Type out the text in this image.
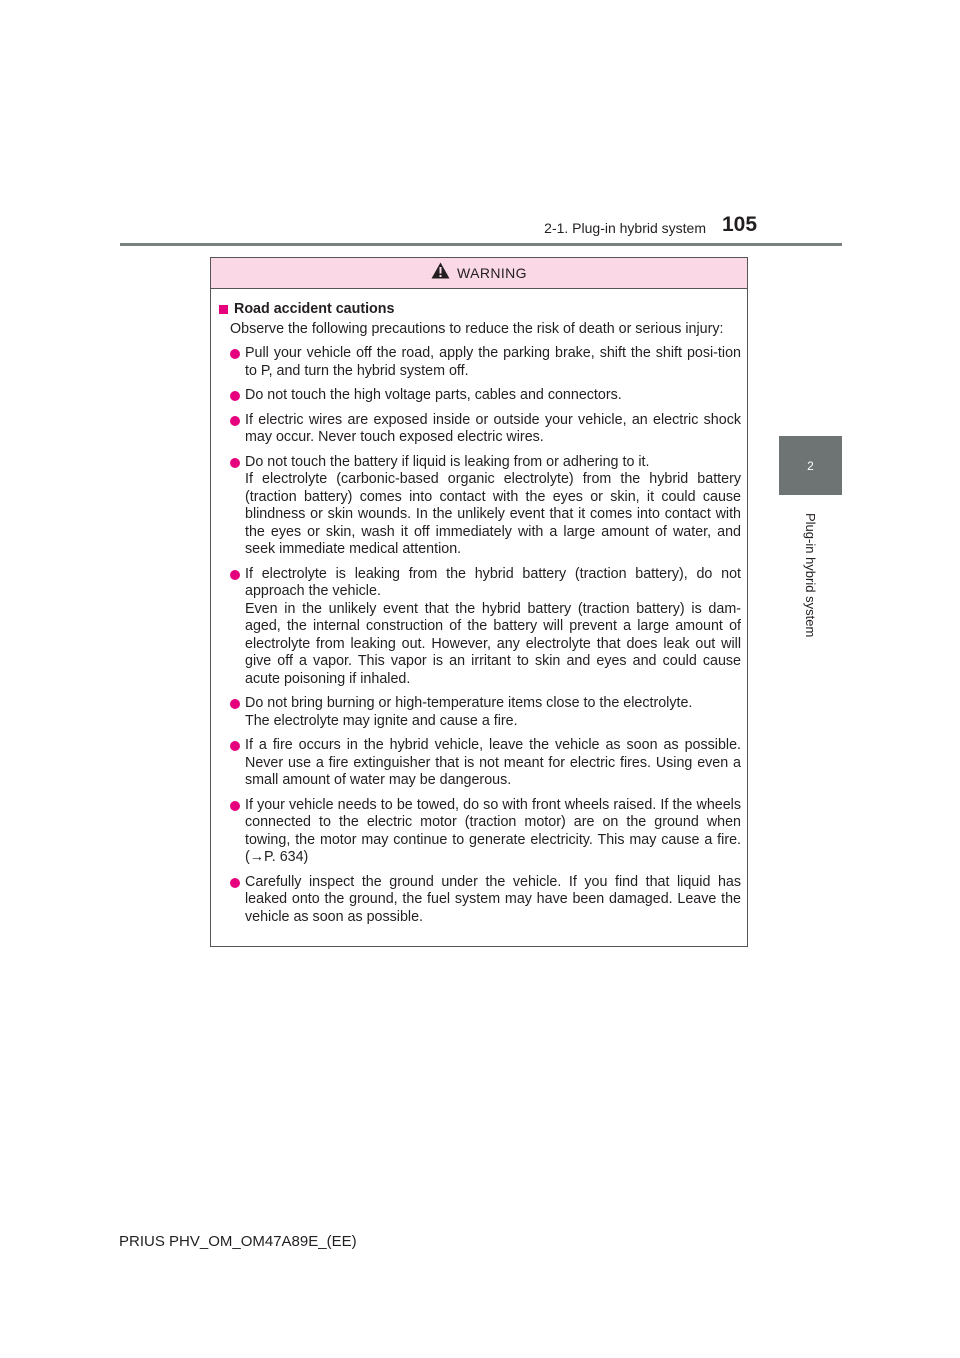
2-1. Plug-in hybrid system 105
2
Plug-in hybrid system
WARNING
Road accident cautions
Observe the following precautions to reduce the risk of death or serious injury:
Pull your vehicle off the road, apply the parking brake, shift the shift posi-tion to P, and turn the hybrid system off.
Do not touch the high voltage parts, cables and connectors.
If electric wires are exposed inside or outside your vehicle, an electric shock may occur. Never touch exposed electric wires.
Do not touch the battery if liquid is leaking from or adhering to it.
If electrolyte (carbonic-based organic electrolyte) from the hybrid battery (traction battery) comes into contact with the eyes or skin, it could cause blindness or skin wounds. In the unlikely event that it comes into contact with the eyes or skin, wash it off immediately with a large amount of water, and seek immediate medical attention.
If electrolyte is leaking from the hybrid battery (traction battery), do not approach the vehicle.
Even in the unlikely event that the hybrid battery (traction battery) is dam-aged, the internal construction of the battery will prevent a large amount of electrolyte from leaking out. However, any electrolyte that does leak out will give off a vapor. This vapor is an irritant to skin and eyes and could cause acute poisoning if inhaled.
Do not bring burning or high-temperature items close to the electrolyte.
The electrolyte may ignite and cause a fire.
If a fire occurs in the hybrid vehicle, leave the vehicle as soon as possible. Never use a fire extinguisher that is not meant for electric fires. Using even a small amount of water may be dangerous.
If your vehicle needs to be towed, do so with front wheels raised. If the wheels connected to the electric motor (traction motor) are on the ground when towing, the motor may continue to generate electricity. This may cause a fire. (→P. 634)
Carefully inspect the ground under the vehicle. If you find that liquid has leaked onto the ground, the fuel system may have been damaged. Leave the vehicle as soon as possible.
PRIUS PHV_OM_OM47A89E_(EE)
